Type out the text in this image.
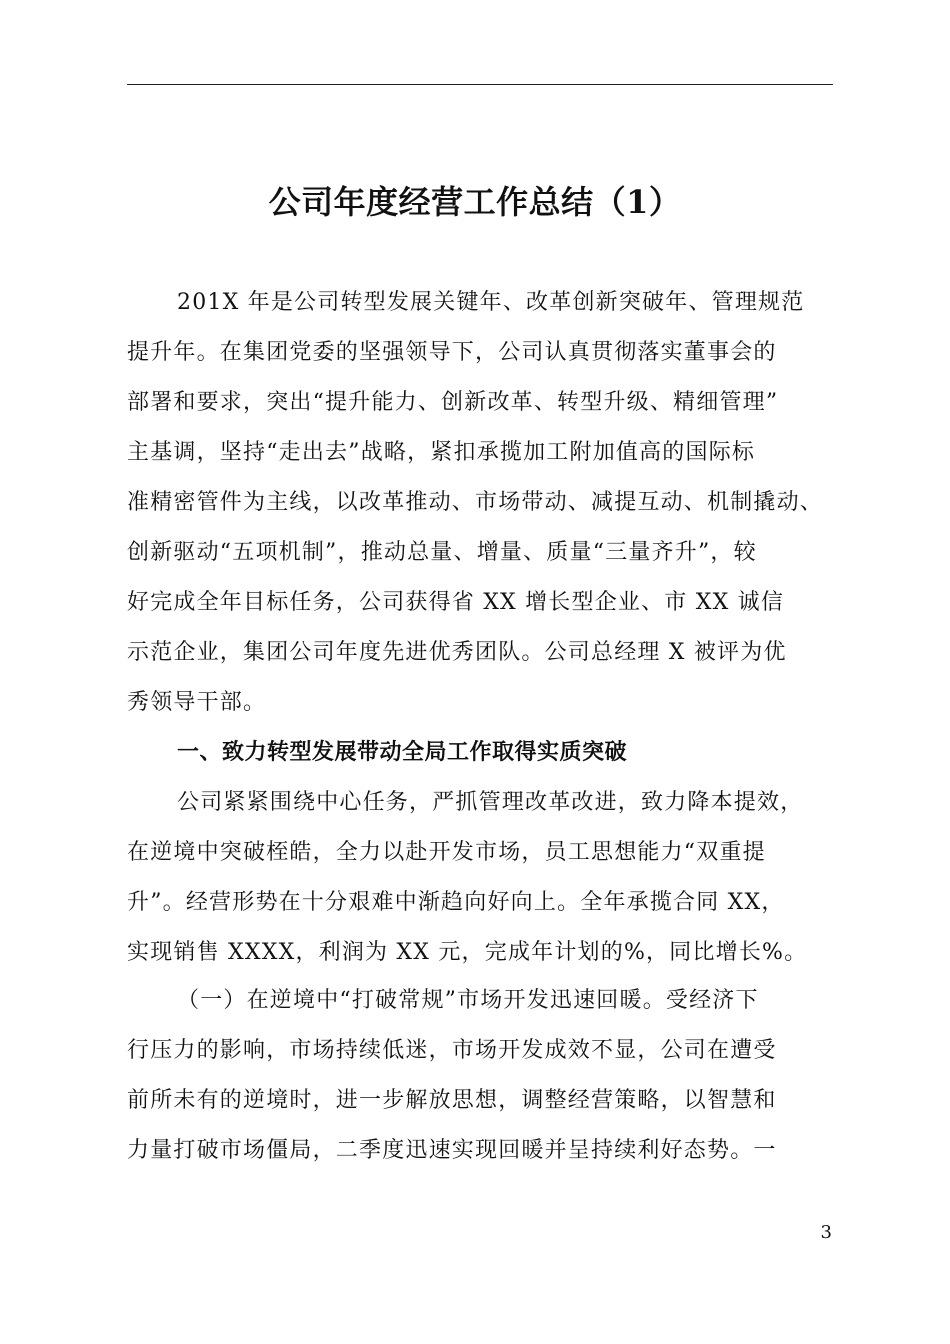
公司年度经营工作总结（1）
201X 年是公司转型发展关键年、改革创新突破年、管理规范
提升年。在集团党委的坚强领导下，公司认真贯彻落实董事会的
部署和要求，突出“提升能力、创新改革、转型升级、精细管理”
主基调，坚持“走出去”战略，紧扣承揽加工附加值高的国际标
准精密管件为主线，以改革推动、市场带动、减提互动、机制撬动、
创新驱动“五项机制”，推动总量、增量、质量“三量齐升”，较
好完成全年目标任务，公司获得省 XX 增长型企业、市 XX 诚信
示范企业，集团公司年度先进优秀团队。公司总经理 X 被评为优
秀领导干部。
一、致力转型发展带动全局工作取得实质突破
公司紧紧围绕中心任务，严抓管理改革改进，致力降本提效，
在逆境中突破桎皓，全力以赴开发市场，员工思想能力“双重提
升”。经营形势在十分艰难中渐趋向好向上。全年承揽合同 XX，
实现销售 XXXX，利润为 XX 元，完成年计划的%，同比增长%。
（一）在逆境中“打破常规”市场开发迅速回暖。受经济下
行压力的影响，市场持续低迷，市场开发成效不显，公司在遭受
前所未有的逆境时，进一步解放思想，调整经营策略，以智慧和
力量打破市场僵局，二季度迅速实现回暖并呈持续利好态势。一
3
